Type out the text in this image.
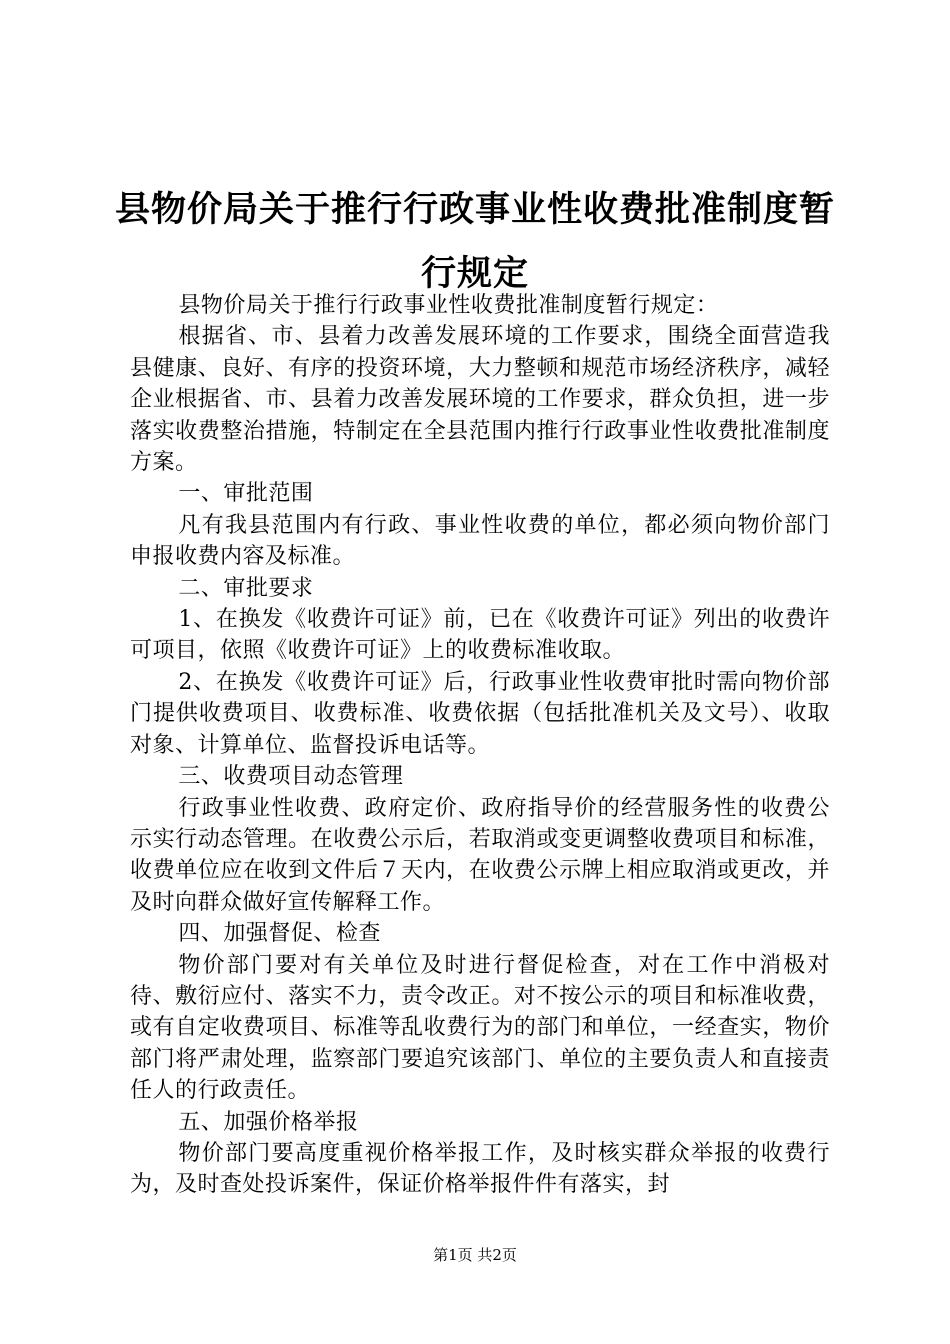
县物价局关于推行行政事业性收费批准制度暂行规定

县物价局关于推行行政事业性收费批准制度暂行规定：

根据省、市、县着力改善发展环境的工作要求，围绕全面营造我县健康、良好、有序的投资环境，大力整顿和规范市场经济秩序，减轻企业根据省、市、县着力改善发展环境的工作要求，群众负担，进一步落实收费整治措施，特制定在全县范围内推行行政事业性收费批准制度方案。

一、审批范围

凡有我县范围内有行政、事业性收费的单位，都必须向物价部门申报收费内容及标准。

二、审批要求

1、在换发《收费许可证》前，已在《收费许可证》列出的收费许可项目，依照《收费许可证》上的收费标准收取。

2、在换发《收费许可证》后，行政事业性收费审批时需向物价部门提供收费项目、收费标准、收费依据（包括批准机关及文号）、收取对象、计算单位、监督投诉电话等。

三、收费项目动态管理

行政事业性收费、政府定价、政府指导价的经营服务性的收费公示实行动态管理。在收费公示后，若取消或变更调整收费项目和标准，收费单位应在收到文件后７天内，在收费公示牌上相应取消或更改，并及时向群众做好宣传解释工作。

四、加强督促、检查

物价部门要对有关单位及时进行督促检查，对在工作中消极对待、敷衍应付、落实不力，责令改正。对不按公示的项目和标准收费，或有自定收费项目、标准等乱收费行为的部门和单位，一经查实，物价部门将严肃处理，监察部门要追究该部门、单位的主要负责人和直接责任人的行政责任。

五、加强价格举报

物价部门要高度重视价格举报工作，及时核实群众举报的收费行为，及时查处投诉案件，保证价格举报件件有落实，封

第1页 共2页
